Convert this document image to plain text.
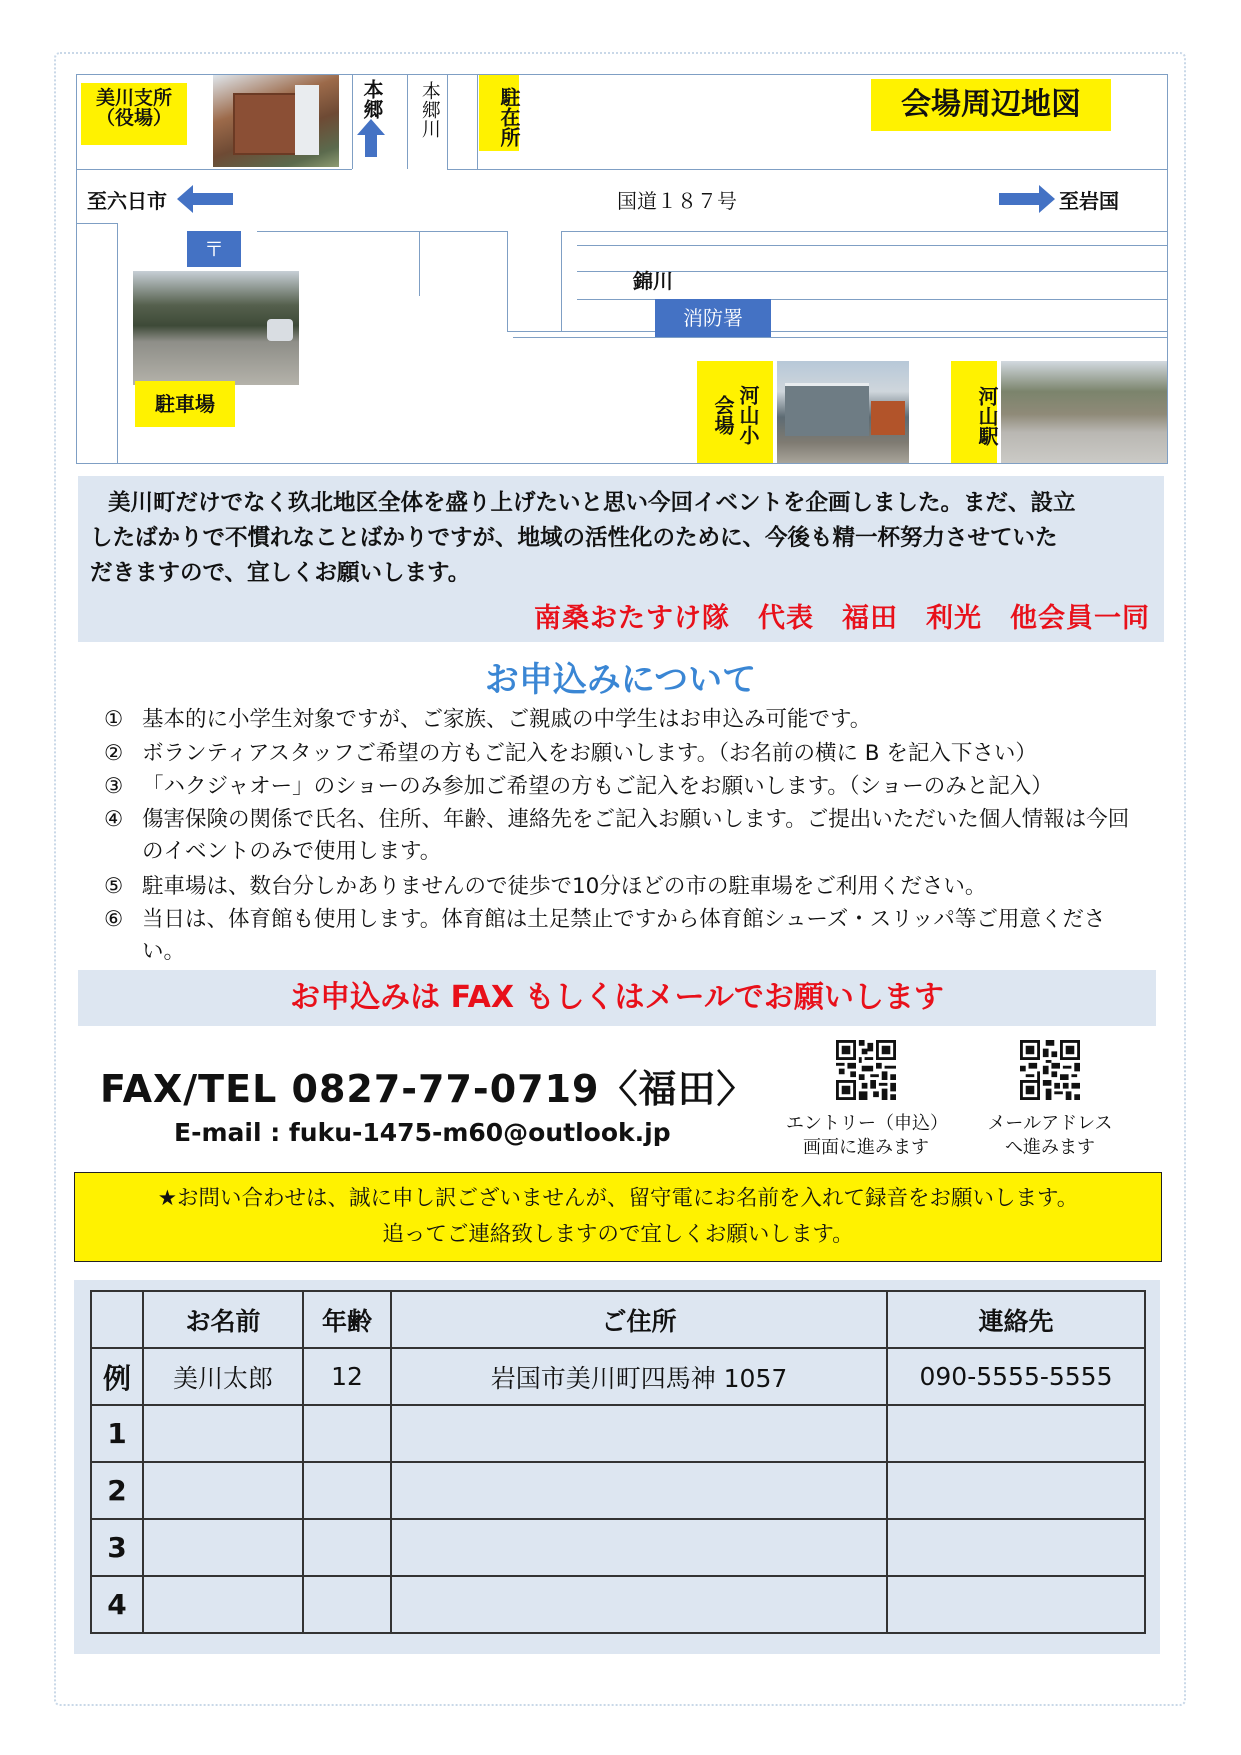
会場周辺地図
美川支所
（役場）	本郷 本郷川	駐在所
至六日市	国道１８７号	至岩国
〒
駐車場
錦川
消防署
河山小
会場	河山駅

美川町だけでなく玖北地区全体を盛り上げたいと思い今回イベントを企画しました。まだ、設立

したばかりで不慣れなことばかりですが、地域の活性化のために、今後も精一杯努力させていた

だきますので、宜しくお願いします。

南桑おたすけ隊　代表　福田　利光　他会員一同
お申込みについて
① 基本的に小学生対象ですが、ご家族、ご親戚の中学生はお申込み可能です。
② ボランティアスタッフご希望の方もご記入をお願いします。（お名前の横に B を記入下さい）
③ 「ハクジャオー」のショーのみ参加ご希望の方もご記入をお願いします。（ショーのみと記入）
④ 傷害保険の関係で氏名、住所、年齢、連絡先をご記入お願いします。ご提出いただいた個人情報は今回のイベントのみで使用します。
⑤ 駐車場は、数台分しかありませんので徒歩で10分ほどの市の駐車場をご利用ください。
⑥ 当日は、体育館も使用します。体育館は土足禁止ですから体育館シューズ・スリッパ等ご用意ください。
お申込みは FAX もしくはメールでお願いします
FAX/TEL 0827-77-0719〈福田〉
E-mail : fuku-1475-m60@outlook.jp	エントリー（申込）
画面に進みます
メールアドレス
へ進みます
★お問い合わせは、誠に申し訳ございませんが、留守電にお名前を入れて録音をお願いします。
追ってご連絡致しますので宜しくお願いします。
	お名前	年齢	ご住所	連絡先
例	美川太郎	12	岩国市美川町四馬神 1057	090-5555-5555
1				
2				
3				
4				
